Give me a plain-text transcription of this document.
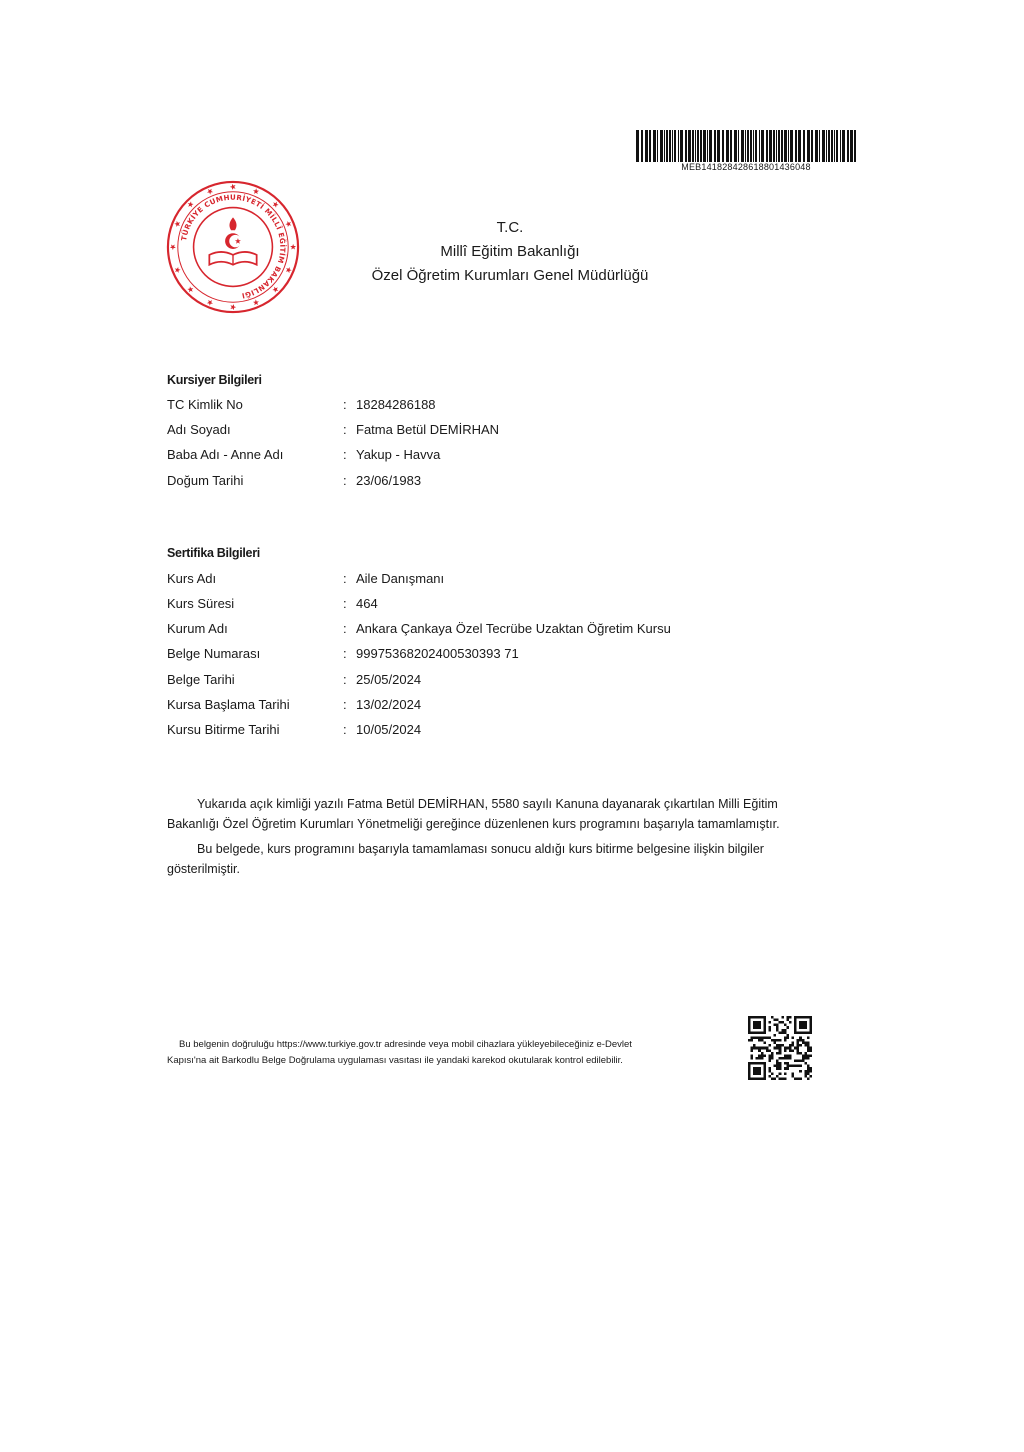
MEB141828428618801436048
TÜRKİYE CUMHURİYETİ MİLLÎ EĞİTİM BAKANLIĞI
T.C.
Millî Eğitim Bakanlığı
Özel Öğretim Kurumları Genel Müdürlüğü
Kursiyer Bilgileri
TC Kimlik No	: 18284286188
Adı Soyadı	: Fatma Betül DEMİRHAN
Baba Adı - Anne Adı	: Yakup - Havva
Doğum Tarihi	: 23/06/1983
Sertifika Bilgileri
Kurs Adı	: Aile Danışmanı
Kurs Süresi	: 464
Kurum Adı	: Ankara Çankaya Özel Tecrübe Uzaktan Öğretim Kursu
Belge Numarası	: 99975368202400530393 71
Belge Tarihi	: 25/05/2024
Kursa Başlama Tarihi	: 13/02/2024
Kursu Bitirme Tarihi	: 10/05/2024
Yukarıda açık kimliği yazılı Fatma Betül DEMİRHAN, 5580 sayılı Kanuna dayanarak çıkartılan Milli Eğitim Bakanlığı Özel Öğretim Kurumları Yönetmeliği gereğince düzenlenen kurs programını başarıyla tamamlamıştır.
Bu belgede, kurs programını başarıyla tamamlaması sonucu aldığı kurs bitirme belgesine ilişkin bilgiler gösterilmiştir.
Bu belgenin doğruluğu https://www.turkiye.gov.tr adresinde veya mobil cihazlara yükleyebileceğiniz e-Devlet
Kapısı'na ait Barkodlu Belge Doğrulama uygulaması vasıtası ile yandaki karekod okutularak kontrol edilebilir.
